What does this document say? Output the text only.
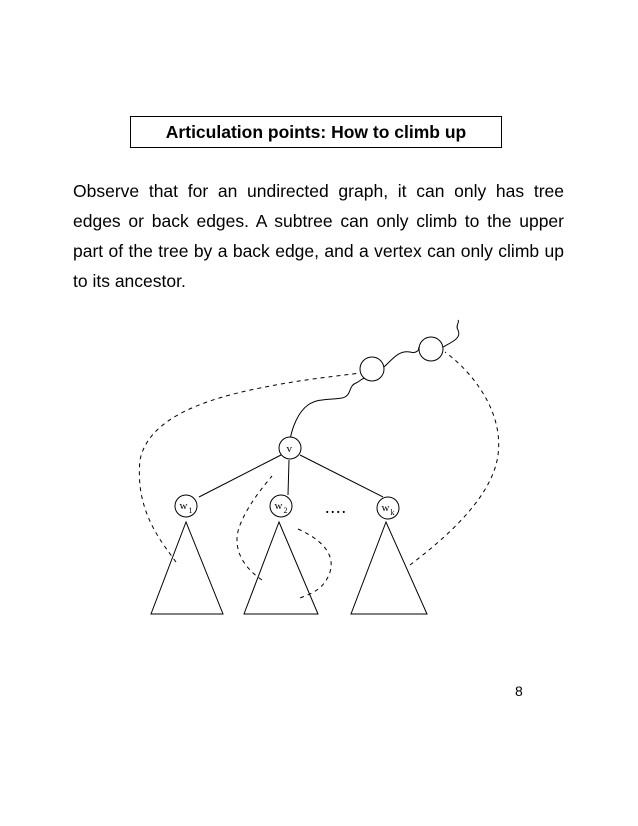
Articulation points: How to climb up
Observe that for an undirected graph, it can only has tree edges or back edges. A subtree can only climb to the upper part of the tree by a back edge, and a vertex can only climb up to its ancestor.
v
w 1	w 2	w k
....
8
